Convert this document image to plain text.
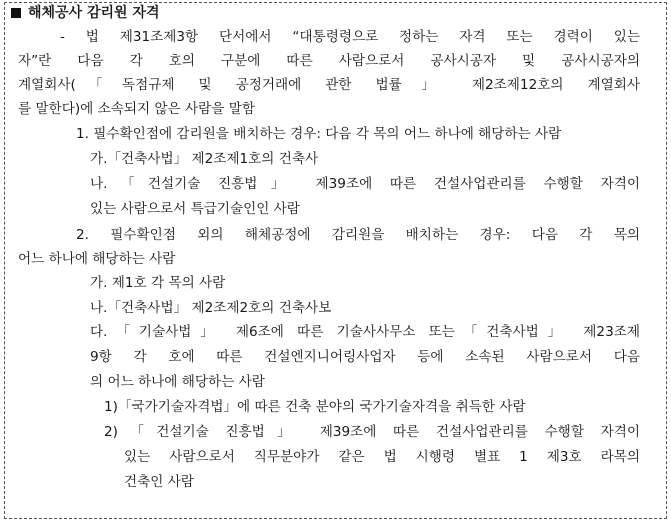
해체공사 감리원 자격
- 법 제31조제3항 단서에서 “대통령령으로 정하는 자격 또는 경력이 있는
자”란 다음 각 호의 구분에 따른 사람으로서 공사시공자 및 공사시공자의
계열회사(｢독점규제 및 공정거래에 관한 법률｣ 제2조제12호의 계열회사
를 말한다)에 소속되지 않은 사람을 말함
1. 필수확인점에 감리원을 배치하는 경우: 다음 각 목의 어느 하나에 해당하는 사람
가.「건축사법」 제2조제1호의 건축사
나.「건설기술 진흥법」 제39조에 따른 건설사업관리를 수행할 자격이
있는 사람으로서 특급기술인인 사람
2. 필수확인점 외의 해체공정에 감리원을 배치하는 경우: 다음 각 목의
어느 하나에 해당하는 사람
가. 제1호 각 목의 사람
나.「건축사법」 제2조제2호의 건축사보
다.「기술사법」 제6조에 따른 기술사사무소 또는「건축사법」 제23조제
9항 각 호에 따른 건설엔지니어링사업자 등에 소속된 사람으로서 다음
의 어느 하나에 해당하는 사람
1)「국가기술자격법」에 따른 건축 분야의 국가기술자격을 취득한 사람
2)「건설기술 진흥법」 제39조에 따른 건설사업관리를 수행할 자격이
있는 사람으로서 직무분야가 같은 법 시행령 별표 1 제3호 라목의
건축인 사람
